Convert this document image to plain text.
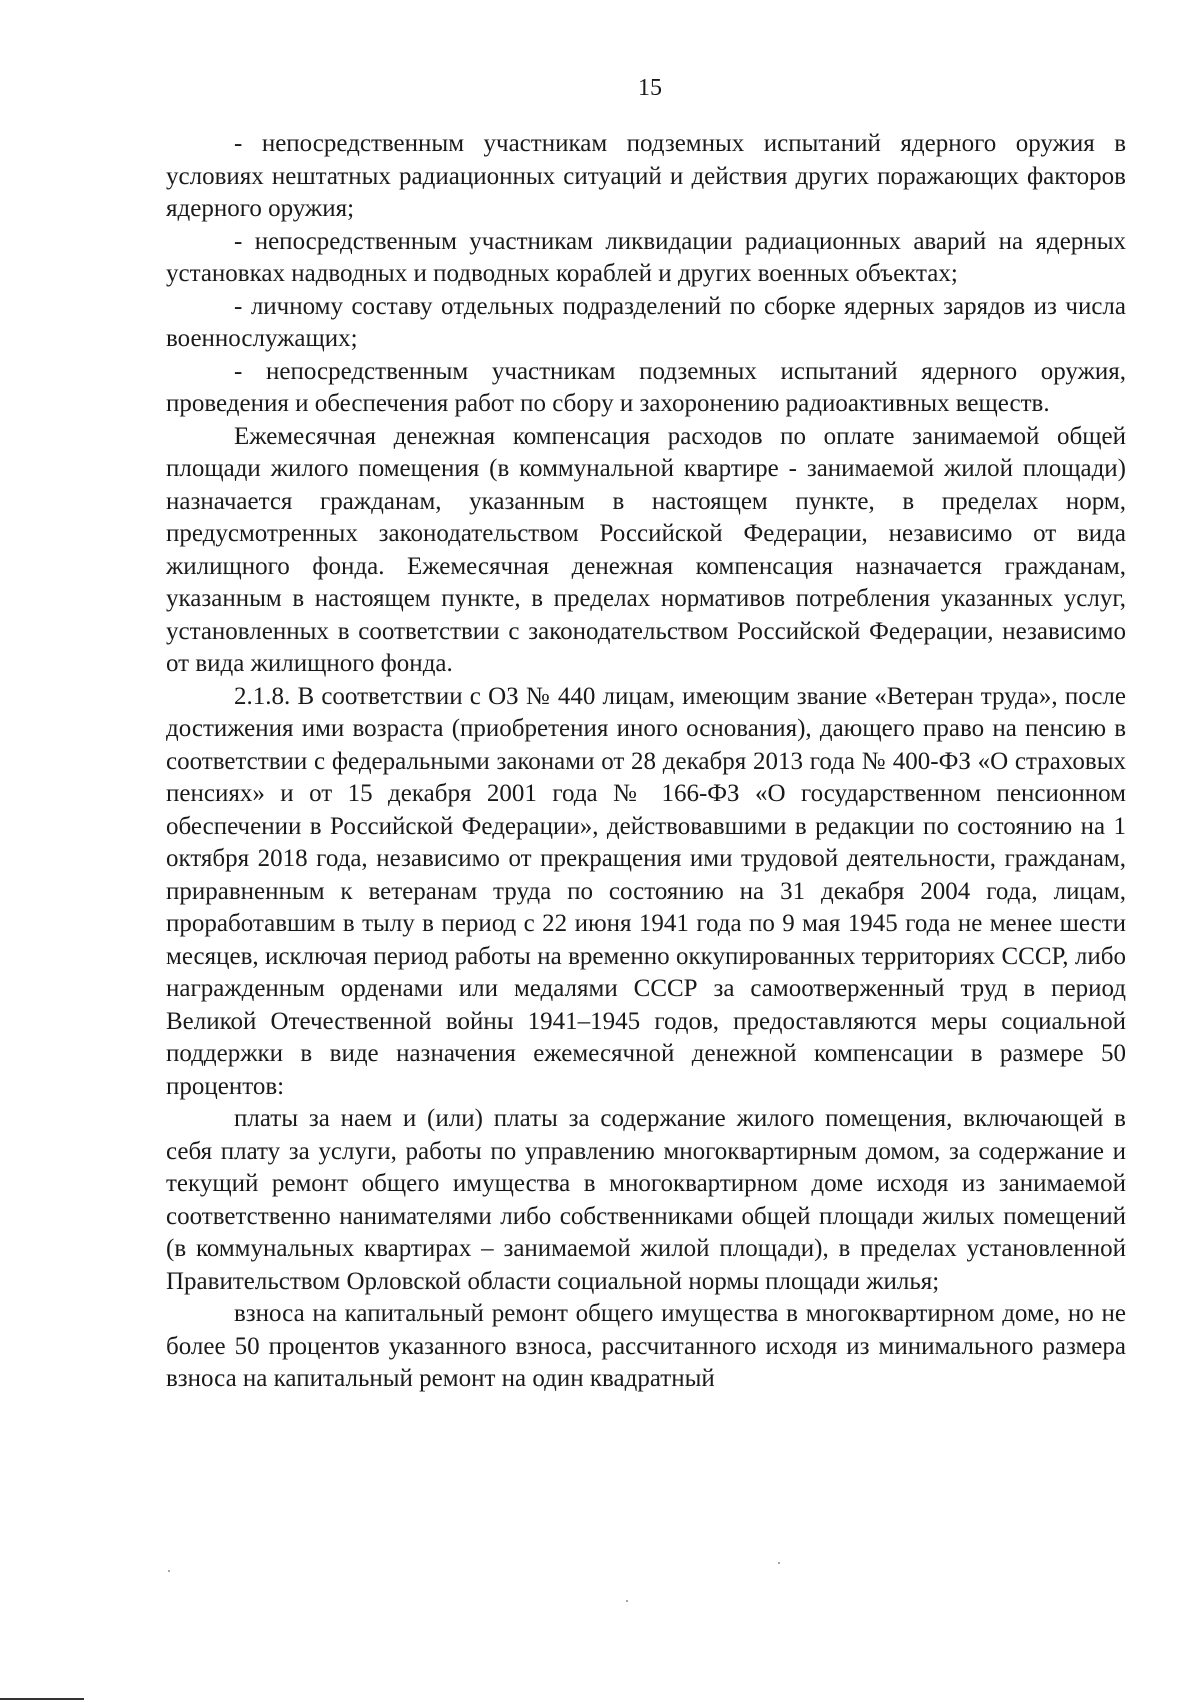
15

- непосредственным участникам подземных испытаний ядерного оружия в условиях нештатных радиационных ситуаций и действия других поражающих факторов ядерного оружия;

- непосредственным участникам ликвидации радиационных аварий на ядерных установках надводных и подводных кораблей и других военных объектах;

- личному составу отдельных подразделений по сборке ядерных зарядов из числа военнослужащих;

- непосредственным участникам подземных испытаний ядерного оружия, проведения и обеспечения работ по сбору и захоронению радиоактивных веществ.

Ежемесячная денежная компенсация расходов по оплате занимаемой общей площади жилого помещения (в коммунальной квартире - занимаемой жилой площади) назначается гражданам, указанным в настоящем пункте, в пределах норм, предусмотренных законодательством Российской Федерации, независимо от вида жилищного фонда. Ежемесячная денежная компенсация назначается гражданам, указанным в настоящем пункте, в пределах нормативов потребления указанных услуг, установленных в соответствии с законодательством Российской Федерации, независимо от вида жилищного фонда.

2.1.8. В соответствии с ОЗ № 440 лицам, имеющим звание «Ветеран труда», после достижения ими возраста (приобретения иного основания), дающего право на пенсию в соответствии с федеральными законами от 28 декабря 2013 года № 400-ФЗ «О страховых пенсиях» и от 15 декабря 2001 года № 166-ФЗ «О государственном пенсионном обеспечении в Российской Федерации», действовавшими в редакции по состоянию на 1 октября 2018 года, независимо от прекращения ими трудовой деятельности, гражданам, приравненным к ветеранам труда по состоянию на 31 декабря 2004 года, лицам, проработавшим в тылу в период с 22 июня 1941 года по 9 мая 1945 года не менее шести месяцев, исключая период работы на временно оккупированных территориях СССР, либо награжденным орденами или медалями СССР за самоотверженный труд в период Великой Отечественной войны 1941–1945 годов, предоставляются меры социальной поддержки в виде назначения ежемесячной денежной компенсации в размере 50 процентов:

платы за наем и (или) платы за содержание жилого помещения, включающей в себя плату за услуги, работы по управлению многоквартирным домом, за содержание и текущий ремонт общего имущества в многоквартирном доме исходя из занимаемой соответственно нанимателями либо собственниками общей площади жилых помещений (в коммунальных квартирах – занимаемой жилой площади), в пределах установленной Правительством Орловской области социальной нормы площади жилья;

взноса на капитальный ремонт общего имущества в многоквартирном доме, но не более 50 процентов указанного взноса, рассчитанного исходя из минимального размера взноса на капитальный ремонт на один квадратный
